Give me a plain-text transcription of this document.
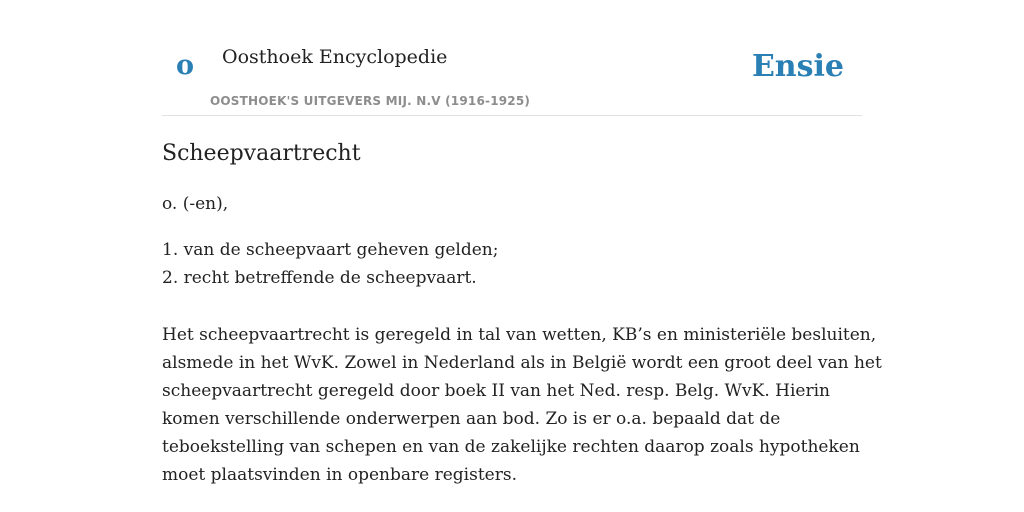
o Oosthoek Encyclopedie
OOSTHOEK'S UITGEVERS MIJ. N.V (1916-1925)
Ensie
Scheepvaartrecht

o. (-en),

1. van de scheepvaart geheven gelden;
2. recht betreffende de scheepvaart.
Het scheepvaartrecht is geregeld in tal van wetten, KB’s en ministeriële besluiten,
alsmede in het WvK. Zowel in Nederland als in België wordt een groot deel van het
scheepvaartrecht geregeld door boek II van het Ned. resp. Belg. WvK. Hierin
komen verschillende onderwerpen aan bod. Zo is er o.a. bepaald dat de
teboekstelling van schepen en van de zakelijke rechten daarop zoals hypotheken
moet plaatsvinden in openbare registers.
